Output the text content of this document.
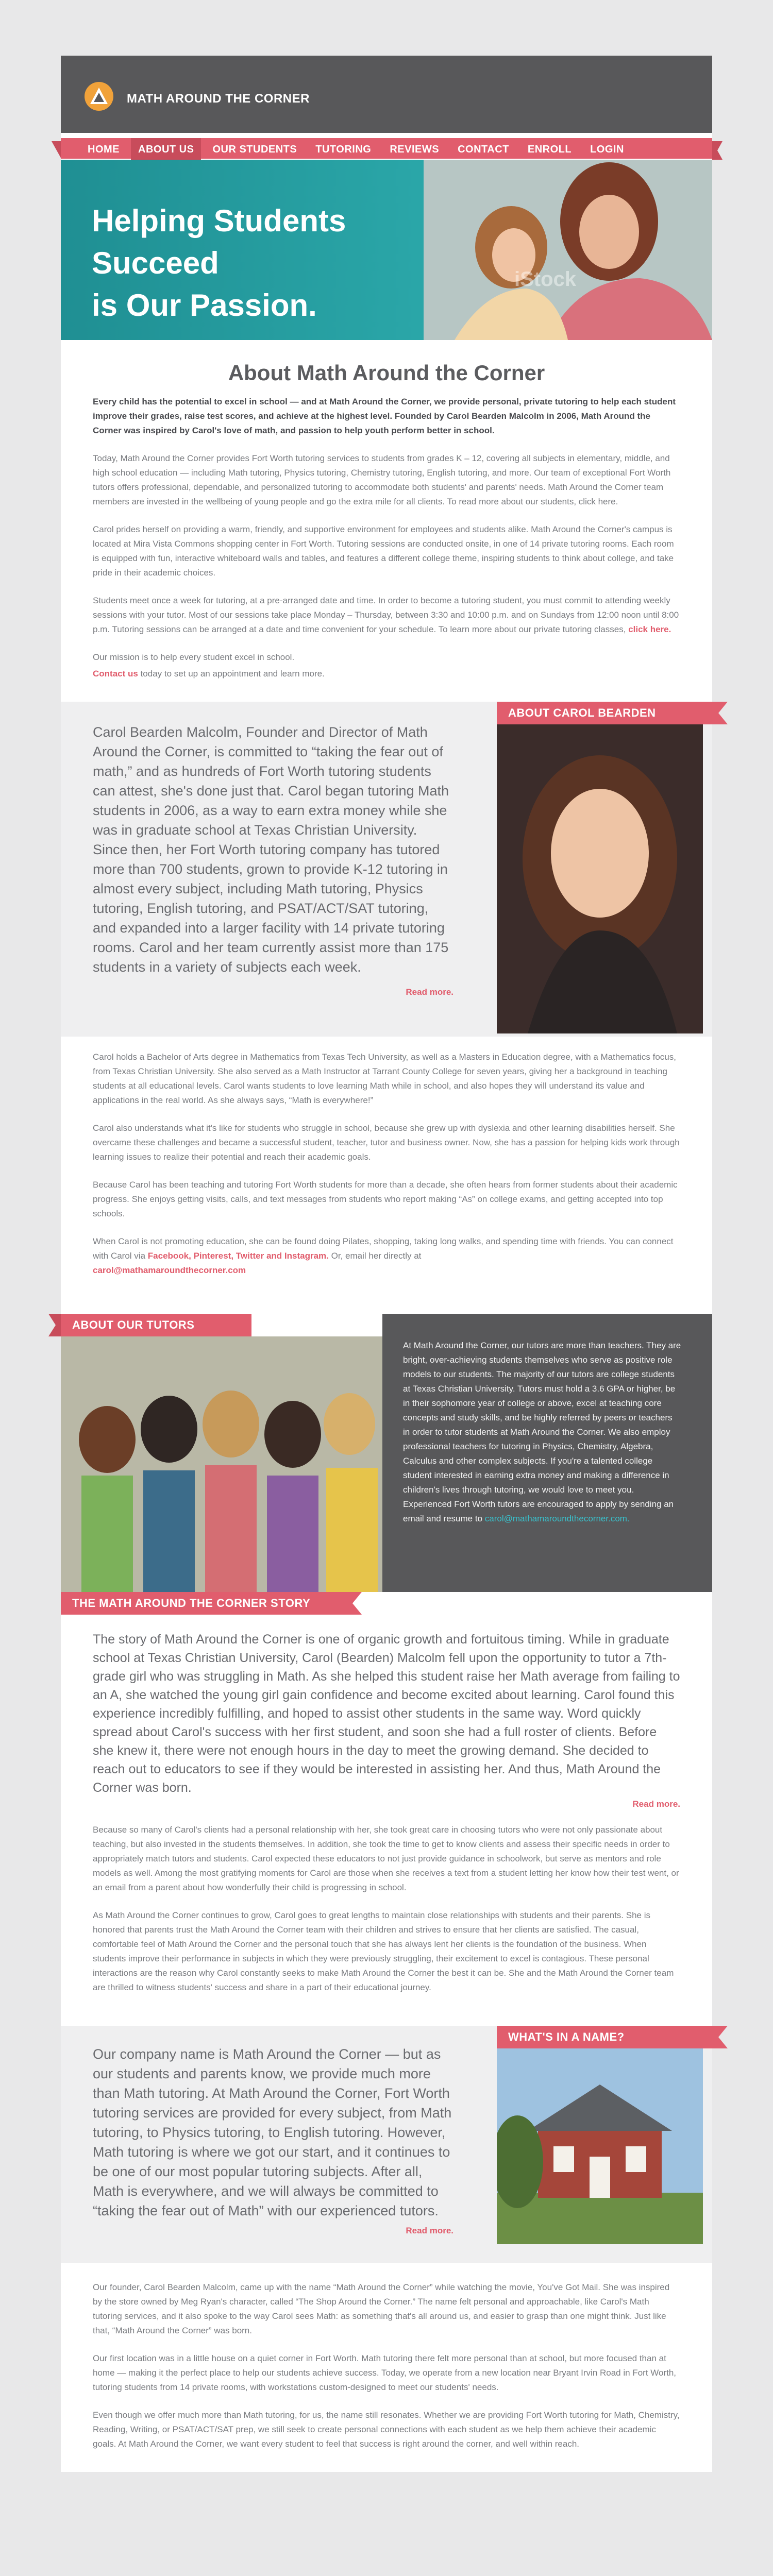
MATH AROUND THE CORNER
HOME	ABOUT US	OUR STUDENTS	TUTORING	REVIEWS	CONTACT	ENROLL	LOGIN
Helping Students
Succeed
is Our Passion.
iStock
About Math Around the Corner

Every child has the potential to excel in school — and at Math Around the Corner, we provide personal, private tutoring to help each student improve their grades, raise test scores, and achieve at the highest level. Founded by Carol Bearden Malcolm in 2006, Math Around the Corner was inspired by Carol's love of math, and passion to help youth perform better in school.

Today, Math Around the Corner provides Fort Worth tutoring services to students from grades K – 12, covering all subjects in elementary, middle, and high school education — including Math tutoring, Physics tutoring, Chemistry tutoring, English tutoring, and more. Our team of exceptional Fort Worth tutors offers professional, dependable, and personalized tutoring to accommodate both students' and parents' needs. Math Around the Corner team members are invested in the wellbeing of young people and go the extra mile for all clients. To read more about our students, click here.

Carol prides herself on providing a warm, friendly, and supportive environment for employees and students alike. Math Around the Corner's campus is located at Mira Vista Commons shopping center in Fort Worth. Tutoring sessions are conducted onsite, in one of 14 private tutoring rooms. Each room is equipped with fun, interactive whiteboard walls and tables, and features a different college theme, inspiring students to think about college, and take pride in their academic choices.

Students meet once a week for tutoring, at a pre-arranged date and time. In order to become a tutoring student, you must commit to attending weekly sessions with your tutor. Most of our sessions take place Monday – Thursday, between 3:30 and 10:00 p.m. and on Sundays from 12:00 noon until 8:00 p.m. Tutoring sessions can be arranged at a date and time convenient for your schedule. To learn more about our private tutoring classes, click here.

Our mission is to help every student excel in school.

Contact us today to set up an appointment and learn more.

Carol Bearden Malcolm, Founder and Director of Math Around the Corner, is committed to “taking the fear out of math,” and as hundreds of Fort Worth tutoring students can attest, she's done just that. Carol began tutoring Math students in 2006, as a way to earn extra money while she was in graduate school at Texas Christian University. Since then, her Fort Worth tutoring company has tutored more than 700 students, grown to provide K-12 tutoring in almost every subject, including Math tutoring, Physics tutoring, English tutoring, and PSAT/ACT/SAT tutoring, and expanded into a larger facility with 14 private tutoring rooms. Carol and her team currently assist more than 175 students in a variety of subjects each week.

Read more.
ABOUT CAROL BEARDEN

Carol holds a Bachelor of Arts degree in Mathematics from Texas Tech University, as well as a Masters in Education degree, with a Mathematics focus, from Texas Christian University. She also served as a Math Instructor at Tarrant County College for seven years, giving her a background in teaching students at all educational levels. Carol wants students to love learning Math while in school, and also hopes they will understand its value and applications in the real world. As she always says, “Math is everywhere!”

Carol also understands what it's like for students who struggle in school, because she grew up with dyslexia and other learning disabilities herself. She overcame these challenges and became a successful student, teacher, tutor and business owner. Now, she has a passion for helping kids work through learning issues to realize their potential and reach their academic goals.

Because Carol has been teaching and tutoring Fort Worth students for more than a decade, she often hears from former students about their academic progress. She enjoys getting visits, calls, and text messages from students who report making “As” on college exams, and getting accepted into top schools.

When Carol is not promoting education, she can be found doing Pilates, shopping, taking long walks, and spending time with friends. You can connect with Carol via Facebook, Pinterest, Twitter and Instagram. Or, email her directly at
carol@mathamaroundthecorner.com

ABOUT OUR TUTORS

At Math Around the Corner, our tutors are more than teachers. They are bright, over-achieving students themselves who serve as positive role models to our students. The majority of our tutors are college students at Texas Christian University. Tutors must hold a 3.6 GPA or higher, be in their sophomore year of college or above, excel at teaching core concepts and study skills, and be highly referred by peers or teachers in order to tutor students at Math Around the Corner. We also employ professional teachers for tutoring in Physics, Chemistry, Algebra, Calculus and other complex subjects. If you're a talented college student interested in earning extra money and making a difference in children's lives through tutoring, we would love to meet you. Experienced Fort Worth tutors are encouraged to apply by sending an email and resume to carol@mathamaroundthecorner.com.

THE MATH AROUND THE CORNER STORY

The story of Math Around the Corner is one of organic growth and fortuitous timing. While in graduate school at Texas Christian University, Carol (Bearden) Malcolm fell upon the opportunity to tutor a 7th-grade girl who was struggling in Math. As she helped this student raise her Math average from failing to an A, she watched the young girl gain confidence and become excited about learning. Carol found this experience incredibly fulfilling, and hoped to assist other students in the same way. Word quickly spread about Carol's success with her first student, and soon she had a full roster of clients. Before she knew it, there were not enough hours in the day to meet the growing demand. She decided to reach out to educators to see if they would be interested in assisting her. And thus, Math Around the Corner was born.

Read more.

Because so many of Carol's clients had a personal relationship with her, she took great care in choosing tutors who were not only passionate about teaching, but also invested in the students themselves. In addition, she took the time to get to know clients and assess their specific needs in order to appropriately match tutors and students. Carol expected these educators to not just provide guidance in schoolwork, but serve as mentors and role models as well. Among the most gratifying moments for Carol are those when she receives a text from a student letting her know how their test went, or an email from a parent about how wonderfully their child is progressing in school.

As Math Around the Corner continues to grow, Carol goes to great lengths to maintain close relationships with students and their parents. She is honored that parents trust the Math Around the Corner team with their children and strives to ensure that her clients are satisfied. The casual, comfortable feel of Math Around the Corner and the personal touch that she has always lent her clients is the foundation of the business. When students improve their performance in subjects in which they were previously struggling, their excitement to excel is contagious. These personal interactions are the reason why Carol constantly seeks to make Math Around the Corner the best it can be. She and the Math Around the Corner team are thrilled to witness students' success and share in a part of their educational journey.

Our company name is Math Around the Corner — but as our students and parents know, we provide much more than Math tutoring. At Math Around the Corner, Fort Worth tutoring services are provided for every subject, from Math tutoring, to Physics tutoring, to English tutoring. However, Math tutoring is where we got our start, and it continues to be one of our most popular tutoring subjects. After all, Math is everywhere, and we will always be committed to “taking the fear out of Math” with our experienced tutors.

Read more.
WHAT'S IN A NAME?

Our founder, Carol Bearden Malcolm, came up with the name “Math Around the Corner” while watching the movie, You've Got Mail. She was inspired by the store owned by Meg Ryan's character, called “The Shop Around the Corner.” The name felt personal and approachable, like Carol's Math tutoring services, and it also spoke to the way Carol sees Math: as something that's all around us, and easier to grasp than one might think. Just like that, “Math Around the Corner” was born.

Our first location was in a little house on a quiet corner in Fort Worth. Math tutoring there felt more personal than at school, but more focused than at home — making it the perfect place to help our students achieve success. Today, we operate from a new location near Bryant Irvin Road in Fort Worth, tutoring students from 14 private rooms, with workstations custom-designed to meet our students' needs.

Even though we offer much more than Math tutoring, for us, the name still resonates. Whether we are providing Fort Worth tutoring for Math, Chemistry, Reading, Writing, or PSAT/ACT/SAT prep, we still seek to create personal connections with each student as we help them achieve their academic goals. At Math Around the Corner, we want every student to feel that success is right around the corner, and well within reach.
